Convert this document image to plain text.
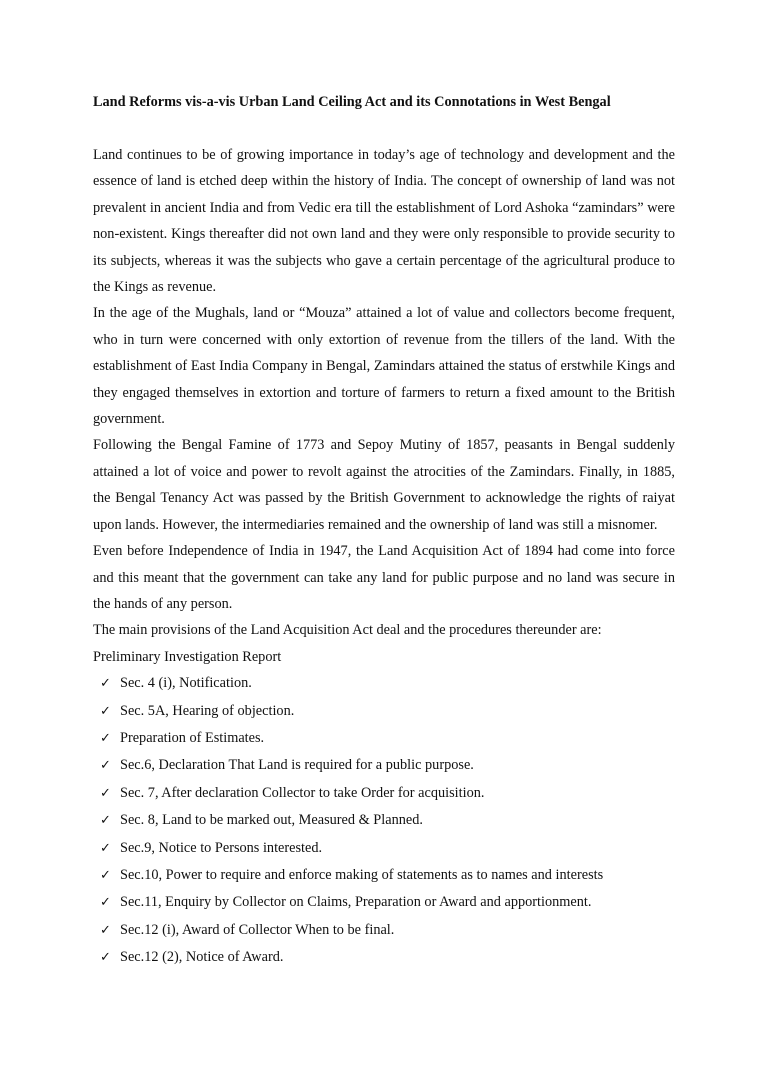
Land Reforms vis-a-vis Urban Land Ceiling Act and its Connotations in West Bengal

Land continues to be of growing importance in today’s age of technology and development and the essence of land is etched deep within the history of India. The concept of ownership of land was not prevalent in ancient India and from Vedic era till the establishment of Lord Ashoka “zamindars” were non-existent. Kings thereafter did not own land and they were only responsible to provide security to its subjects, whereas it was the subjects who gave a certain percentage of the agricultural produce to the Kings as revenue.

In the age of the Mughals, land or “Mouza” attained a lot of value and collectors become frequent, who in turn were concerned with only extortion of revenue from the tillers of the land. With the establishment of East India Company in Bengal, Zamindars attained the status of erstwhile Kings and they engaged themselves in extortion and torture of farmers to return a fixed amount to the British government.

Following the Bengal Famine of 1773 and Sepoy Mutiny of 1857, peasants in Bengal suddenly attained a lot of voice and power to revolt against the atrocities of the Zamindars. Finally, in 1885, the Bengal Tenancy Act was passed by the British Government to acknowledge the rights of raiyat upon lands. However, the intermediaries remained and the ownership of land was still a misnomer.

Even before Independence of India in 1947, the Land Acquisition Act of 1894 had come into force and this meant that the government can take any land for public purpose and no land was secure in the hands of any person.

The main provisions of the Land Acquisition Act deal and the procedures thereunder are:

Preliminary Investigation Report

✓ Sec. 4 (i), Notification.
✓ Sec. 5A, Hearing of objection.
✓ Preparation of Estimates.
✓ Sec.6, Declaration That Land is required for a public purpose.
✓ Sec. 7, After declaration Collector to take Order for acquisition.
✓ Sec. 8, Land to be marked out, Measured & Planned.
✓ Sec.9, Notice to Persons interested.
✓ Sec.10, Power to require and enforce making of statements as to names and interests
✓ Sec.11, Enquiry by Collector on Claims, Preparation or Award and apportionment.
✓ Sec.12 (i), Award of Collector When to be final.
✓ Sec.12 (2), Notice of Award.
